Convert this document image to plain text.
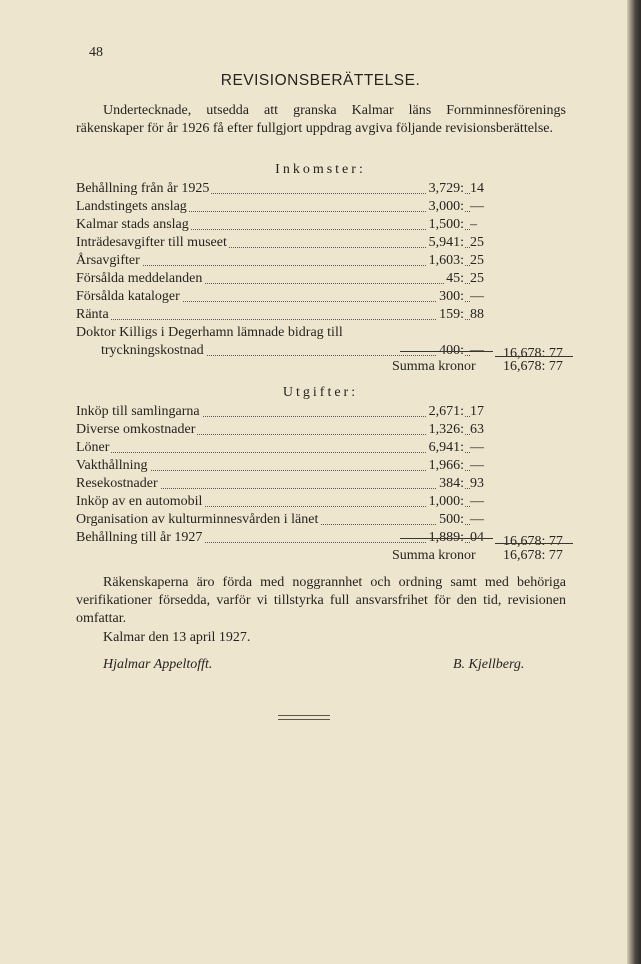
48
REVISIONSBERÄTTELSE.
Undertecknade, utsedda att granska Kalmar läns Fornminnesförenings räkenskaper för år 1926 få efter fullgjort uppdrag avgiva följande revisionsberättelse.
Inkomster:
Behållning från år 1925	3,729: 14
Landstingets anslag	3,000: —
Kalmar stads anslag	1,500: –
Inträdesavgifter till museet	5,941: 25
Årsavgifter	1,603: 25
Försålda meddelanden	45: 25
Försålda kataloger	300: —
Ränta	159: 88
Doktor Killigs i Degerhamn lämnade bidrag till
tryckningskostnad	400: —	16,678: 77
Summa kronor 16,678: 77
Utgifter:
Inköp till samlingarna	2,671: 17
Diverse omkostnader	1,326: 63
Löner	6,941: —
Vakthållning	1,966: —
Resekostnader	384: 93
Inköp av en automobil	1,000: —
Organisation av kulturminnesvården i länet	500: —
Behållning till år 1927	1,889: 04	16,678: 77
Summa kronor 16,678: 77
Räkenskaperna äro förda med noggrannhet och ordning samt med behöriga verifikationer försedda, varför vi tillstyrka full ansvarsfrihet för den tid, revisionen omfattar.
Kalmar den 13 april 1927.
Hjalmar Appeltofft.	B. Kjellberg.
